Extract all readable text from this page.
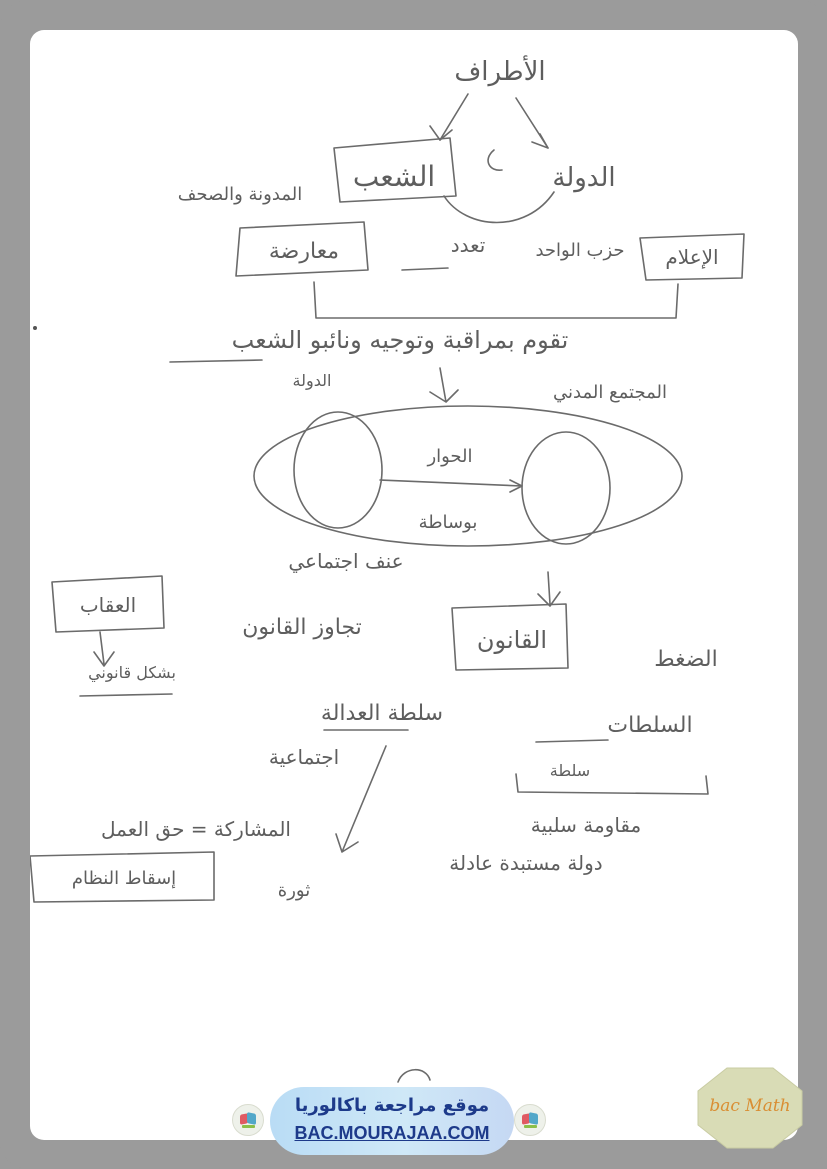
الأطراف
الشعب	الدولة
المدونة والصحف
الإعلام
حزب الواحد
تعدد
معارضة
تقوم بمراقبة وتوجيه ونائبو الشعب
الدولة
المجتمع المدني
الحوار
بوساطة
عنف اجتماعي
العقاب
بشكل قانوني
الضغط
تجاوز القانون	القانون
السلطات
سلطة العدالة
سلطة
اجتماعية
مقاومة سلبية
المشاركة = حق العمل
دولة مستبدة عادلة
ثورة
إسقاط النظام
موقع مراجعة باكالوريا
BAC.MOURAJAA.COM
bac Math
